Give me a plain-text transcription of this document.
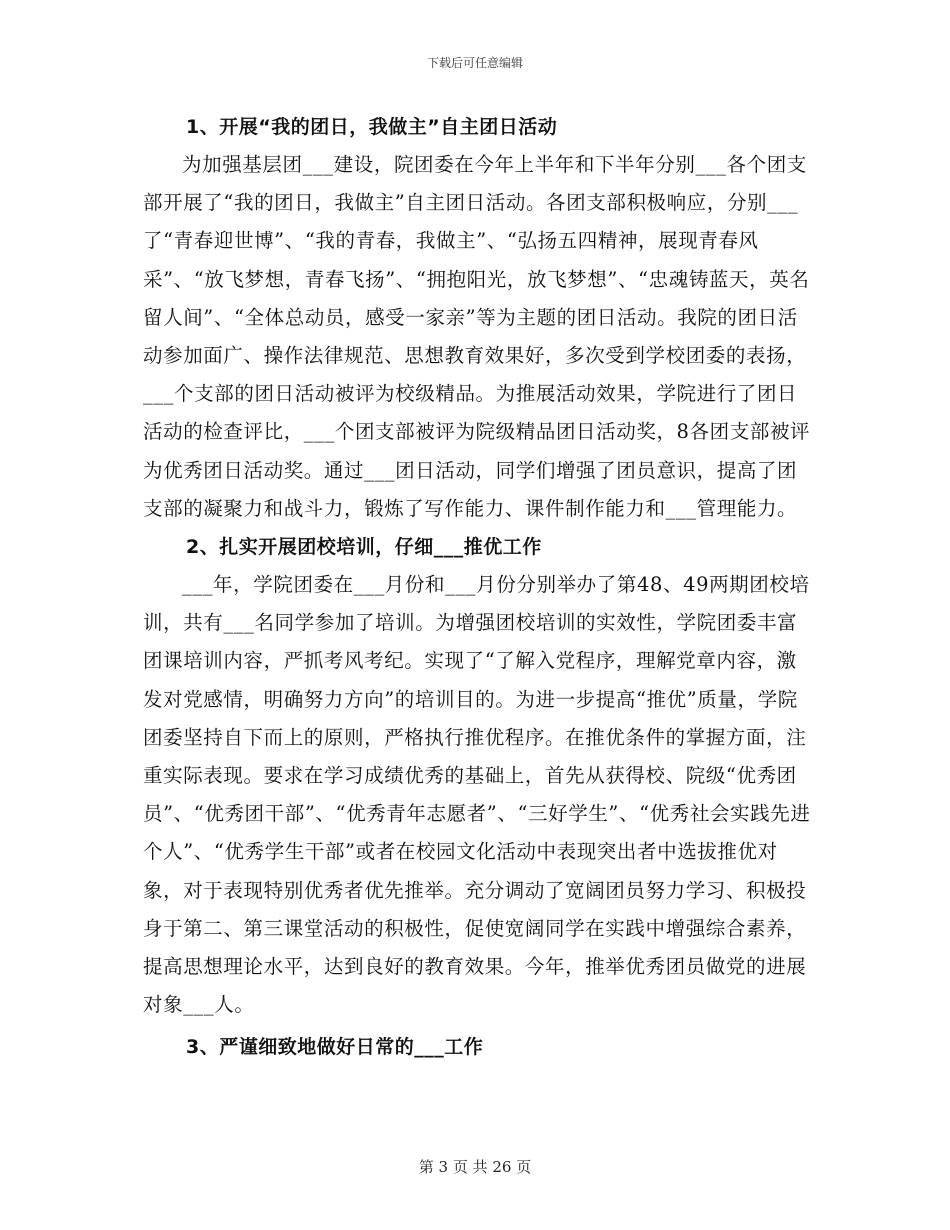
下载后可任意编辑
1、开展“我的团日，我做主”自主团日活动

为加强基层团___建设，院团委在今年上半年和下半年分别___各个团支部开展了“我的团日，我做主”自主团日活动。各团支部积极响应，分别___了“青春迎世博”、“我的青春，我做主”、“弘扬五四精神，展现青春风采”、“放飞梦想，青春飞扬”、“拥抱阳光，放飞梦想”、“忠魂铸蓝天，英名留人间”、“全体总动员，感受一家亲”等为主题的团日活动。我院的团日活动参加面广、操作法律规范、思想教育效果好，多次受到学校团委的表扬，___个支部的团日活动被评为校级精品。为推展活动效果，学院进行了团日活动的检查评比，___个团支部被评为院级精品团日活动奖，8各团支部被评为优秀团日活动奖。通过___团日活动，同学们增强了团员意识，提高了团支部的凝聚力和战斗力，锻炼了写作能力、课件制作能力和___管理能力。

2、扎实开展团校培训，仔细___推优工作

___年，学院团委在___月份和___月份分别举办了第48、49两期团校培训，共有___名同学参加了培训。为增强团校培训的实效性，学院团委丰富团课培训内容，严抓考风考纪。实现了“了解入党程序，理解党章内容，激发对党感情，明确努力方向”的培训目的。为进一步提高“推优”质量，学院团委坚持自下而上的原则，严格执行推优程序。在推优条件的掌握方面，注重实际表现。要求在学习成绩优秀的基础上，首先从获得校、院级“优秀团员”、“优秀团干部”、“优秀青年志愿者”、“三好学生”、“优秀社会实践先进个人”、“优秀学生干部”或者在校园文化活动中表现突出者中选拔推优对象，对于表现特别优秀者优先推举。充分调动了宽阔团员努力学习、积极投身于第二、第三课堂活动的积极性，促使宽阔同学在实践中增强综合素养，提高思想理论水平，达到良好的教育效果。今年，推举优秀团员做党的进展对象___人。

3、严谨细致地做好日常的___工作
第 3 页 共 26 页
